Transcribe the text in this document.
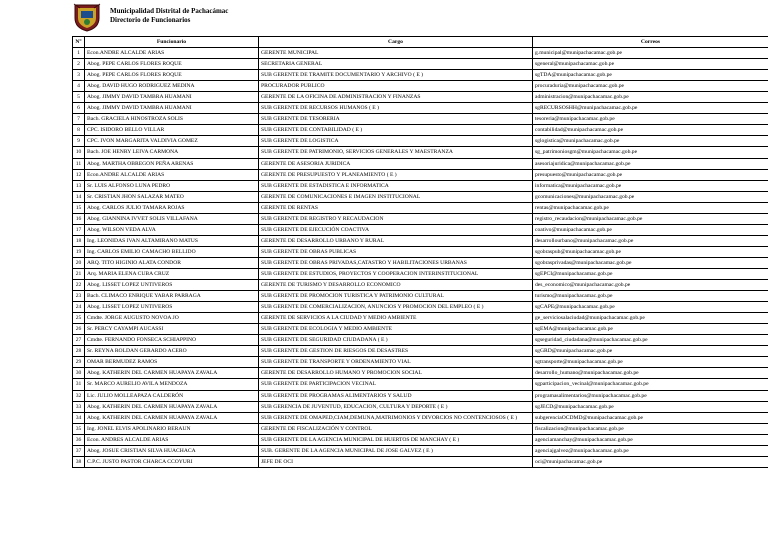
Municipalidad Distrital de Pachacámac
Directorio de Funcionarios
N°	Funcionario	Cargo	Correos
1	Econ.ANDRE ALCALDE ARIAS	GERENTE MUNICIPAL	g.municipal@munipachacamac.gob.pe
2	Abog. PEPE CARLOS FLORES ROQUE	SECRETARIA GENERAL	sgeneral@munipachacamac.gob.pe
3	Abog. PEPE CARLOS FLORES ROQUE	SUB GERENTE DE TRAMITE DOCUMENTARIO Y ARCHIVO ( E )	sgTDA@munipachacamac.gob.pe
4	Abog. DAVID HUGO RODRIGUEZ MEDINA	PROCURADOR PUBLICO	procuraduria@munipachacamac.gob.pe
5	Abog. JIMMY DAVID TAMBRA HUAMANI	GERENTE DE LA OFICINA DE ADMINISTRACION Y FINANZAS	administracion@munipachacamac.gob.pe
6	Abog. JIMMY DAVID TAMBRA HUAMANI	SUB GERENTE DE RECURSOS HUMANOS ( E )	sgRECURSOSHH@munipachacamac.gob.pe
7	Bach. GRACIELA HINOSTROZA SOLIS	SUB GERENTE DE TESORERIA	tesoreria@munipachacamac.gob.pe
8	CPC. ISIDORO BELLO VILLAR	SUB GERENTE DE CONTABILIDAD ( E )	contabilidad@munipachacamac.gob.pe
9	CPC. IVON MARGARITA VALDIVIA GOMEZ	SUB GERENTE DE LOGISTICA	sglogistica@munipachacamac.gob.pe
10	Bach. JOE HENRY LEIVA CARMONA	SUB GERENTE DE PATRIMONIO, SERVICIOS GENERALES Y MAESTRANZA	sg_patrimoniosgm@munipachacamac.gob.pe
11	Abog. MARTHA OBREGON PEÑA ARENAS	GERENTE DE ASESORIA JURIDICA	asesoriajuridica@munipachacamac.gob.pe
12	Econ.ANDRE ALCALDE ARIAS	GERENTE DE PRESUPUESTO Y PLANEAMIENTO ( E )	presupuesto@munipachacamac.gob.pe
13	Sr. LUIS ALFONSO LUNA PEDRO	SUB GERENTE DE ESTADISTICA E INFORMATICA	informatica@munipachacamac.gob.pe
14	Sr. CRISTIAN JHON SALAZAR MATEO	GERENTE DE COMUNICACIONES E IMAGEN INSTITUCIONAL	gcomunicaciones@munipachacamac.gob.pe
15	Abog. CARLOS JULIO TAMARA ROJAS	GERENTE DE RENTAS	rentas@munipachacamac.gob.pe
16	Abog. GIANNINA IVVET SOLIS VILLAFANA	SUB GERENTE DE REGISTRO Y RECAUDACION	registro_recaudacion@munipachacamac.gob.pe
17	Abog. WILSON VEDA ALVA	SUB GERENTE DE EJECUCIÓN COACTIVA	coativo@munipachacamac.gob.pe
18	Ing. LEONIDAS IVAN ALTAMIRANO MATUS	GERENTE DE DESARROLLO URBANO Y RURAL	desarrollourbano@munipachacamac.gob.pe
19	Ing. CARLOS EMILIO CAMACHO BELLIDO	SUB GERENTE DE OBRAS PUBLICAS	sgobraspub@munipachacamac.gob.pe
20	ARQ. TITO HIGINIO ALATA CONDOR	SUB GERENTE DE OBRAS PRIVADAS,CATASTRO Y HABILITACIONES URBANAS	sgobraspriv​adas@munipachacamac.gob.pe
21	Arq. MARIA ELENA CUBA CRUZ	SUB GERENTE DE ESTUDIOS, PROYECTOS Y COOPERACION INTERINSTITUCIONAL	sgEPCI@munipachacamac.gob.pe
22	Abog. LISSET LOPEZ UNTIVEROS	GERENTE DE TURISMO Y DESARROLLO ECONOMICO	des_economico@munipachacamac.gob.pe
23	Bach. CLIMACO ENRIQUE YABAR PARRAGA	SUB GERENTE DE PROMOCION TURISTICA Y PATRIMONIO CULTURAL	turismo@munipachacamac.gob.pe
24	Abog. LISSET LOPEZ UNTIVEROS	SUB GERENTE DE COMERCIALIZACION, ANUNCIOS Y PROMOCION DEL EMPLEO ( E )	sgCAPE@munipachacamac.gob.pe
25	Cmdte. JORGE AUGUSTO NOVOA JO	GERENTE DE SERVICIOS A LA CIUDAD Y MEDIO AMBIENTE	ge_serviciosalaciudad@munipachacamac.gob.pe
26	Sr. PERCY CAYAMPI AUCASSI	SUB GERENTE DE ECOLOGIA Y MEDIO AMBIENTE	sgEMA@munipachacamac.gob.pe
27	Cmdte. FERNANDO FONSECA SCHIAPPINO	SUB GERENTE DE SEGURIDAD CIUDADANA ( E )	sgseguridad_ciudadana@munipachacamac.gob.pe
28	Sr. REYNA ROLDAN GERARDO ACERO	SUB GERENTE DE GESTION DE RIESGOS DE DESASTRES	sgGRD@munipachacamac.gob.pe
29	OMAR BERMUDEZ RAMOS	SUB GERENTE DE TRANSPORTE Y ORDENAMIENTO VIAL	sgtransporte@munipachacamac.gob.pe
30	Abog. KATHERIN DEL CARMEN HUAPAYA ZAVALA	GERENTE DE DESARROLLO HUMANO Y PROMOCION SOCIAL	desarrollo_humano@munipachacamac.gob.pe
31	Sr. MARCO AURELIO AVILA MENDOZA	SUB GERENTE DE PARTICIPACION VECINAL	sgparticipacion_vecinal@munipachacamac.gob.pe
32	Lic. JULIO MOLLEAPAZA CALDERÓN	SUB GERENTE DE PROGRAMAS ALIMENTARIOS Y SALUD	programasalimentarios@munipachacamac.gob.pe
33	Abog. KATHERIN DEL CARMEN HUAPAYA ZAVALA	SUB GERENCIA DE JUVENTUD, EDUCACION, CULTURA Y DEPORTE ( E )	sgJECD@munipachacamac.gob.pe
34	Abog. KATHERIN DEL CARMEN HUAPAYA ZAVALA	SUB GERENTE DE OMAPED,CIAM,DEMUNA,MATRIMONIOS Y DIVORCIOS NO CONTENCIOSOS ( E )	subgerenciaOCDMD@munipachacamac.gob.pe
35	Ing. JONEL ELVIS APOLINARIO BERAUN	GERENTE DE FISCALIZACIÓN Y CONTROL	fiscalizacion@munipachacamac.gob.pe
36	Econ. ANDRES ALCALDE ARIAS	SUB GERENTE DE LA AGENCIA MUNICIPAL DE HUERTOS DE MANCHAY ( E )	agenciamanchay@munipachacamac.gob.pe
37	Abog. JOSUE CRISTIAN SILVA HUACHACA	SUB. GERENTE DE LA AGENCIA MUNICIPAL DE JOSE GALVEZ ( E )	agenciajgalvez@munipachacamac.gob.pe
38	C.P.C. JUSTO PASTOR CHARCA CCOYURI	JEFE DE OCI	oci@munipachacamac.gob.pe
